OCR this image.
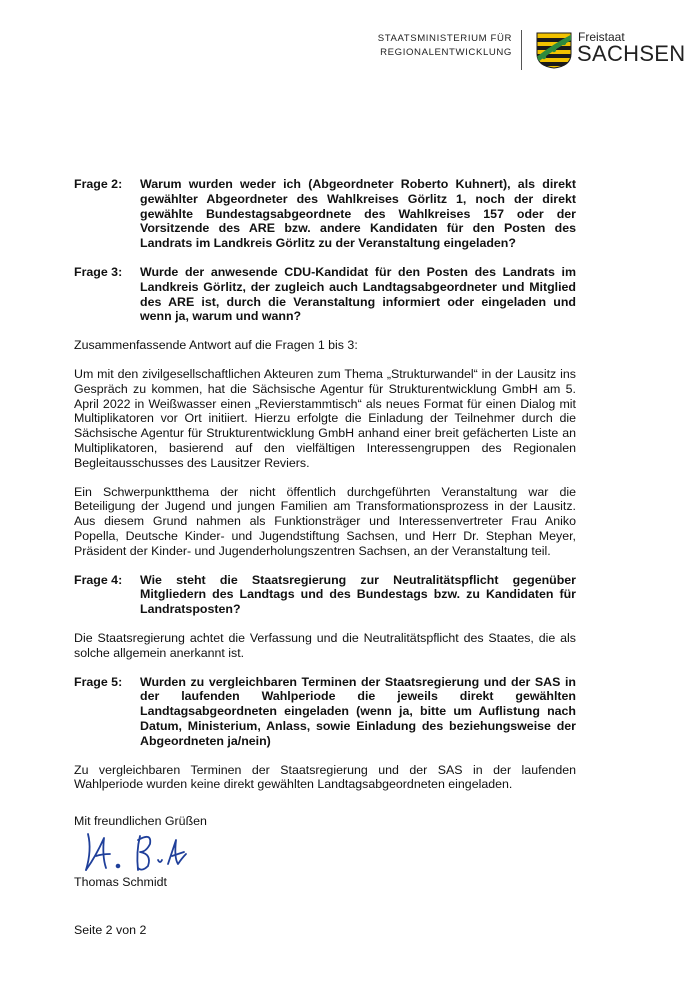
STAATSMINISTERIUM FÜR
REGIONALENTWICKLUNG
Freistaat
SACHSEN
Frage 2:	Warum wurden weder ich (Abgeordneter Roberto Kuhnert), als direkt gewählter Abgeordneter des Wahlkreises Görlitz 1, noch der direkt gewählte Bundestagsabgeordnete des Wahlkreises 157 oder der Vorsitzende des ARE bzw. andere Kandidaten für den Posten des Landrats im Landkreis Görlitz zu der Veranstaltung eingeladen?
Frage 3:	Wurde der anwesende CDU-Kandidat für den Posten des Landrats im Landkreis Görlitz, der zugleich auch Landtagsabgeordneter und Mitglied des ARE ist, durch die Veranstaltung informiert oder eingeladen und wenn ja, warum und wann?

Zusammenfassende Antwort auf die Fragen 1 bis 3:

Um mit den zivilgesellschaftlichen Akteuren zum Thema „Strukturwandel“ in der Lausitz ins Gespräch zu kommen, hat die Sächsische Agentur für Strukturentwicklung GmbH am 5. April 2022 in Weißwasser einen „Revierstammtisch“ als neues Format für einen Dialog mit Multiplikatoren vor Ort initiiert. Hierzu erfolgte die Einladung der Teilnehmer durch die Sächsische Agentur für Strukturentwicklung GmbH anhand einer breit gefächerten Liste an Multiplikatoren, basierend auf den vielfältigen Interessengruppen des Regionalen Begleitausschusses des Lausitzer Reviers.

Ein Schwerpunktthema der nicht öffentlich durchgeführten Veranstaltung war die Beteiligung der Jugend und jungen Familien am Transformationsprozess in der Lausitz. Aus diesem Grund nahmen als Funktionsträger und Interessenvertreter Frau Aniko Popella, Deutsche Kinder- und Jugendstiftung Sachsen, und Herr Dr. Stephan Meyer, Präsident der Kinder- und Jugenderholungszentren Sachsen, an der Veranstaltung teil.

Frage 4:	Wie steht die Staatsregierung zur Neutralitätspflicht gegenüber Mitgliedern des Landtags und des Bundestags bzw. zu Kandidaten für Landratsposten?

Die Staatsregierung achtet die Verfassung und die Neutralitätspflicht des Staates, die als solche allgemein anerkannt ist.

Frage 5:	Wurden zu vergleichbaren Terminen der Staatsregierung und der SAS in der laufenden Wahlperiode die jeweils direkt gewählten Landtagsabgeordneten eingeladen (wenn ja, bitte um Auflistung nach Datum, Ministerium, Anlass, sowie Einladung des beziehungsweise der Abgeordneten ja/nein)

Zu vergleichbaren Terminen der Staatsregierung und der SAS in der laufenden Wahlperiode wurden keine direkt gewählten Landtagsabgeordneten eingeladen.

Mit freundlichen Grüßen
Thomas Schmidt
Seite 2 von 2
